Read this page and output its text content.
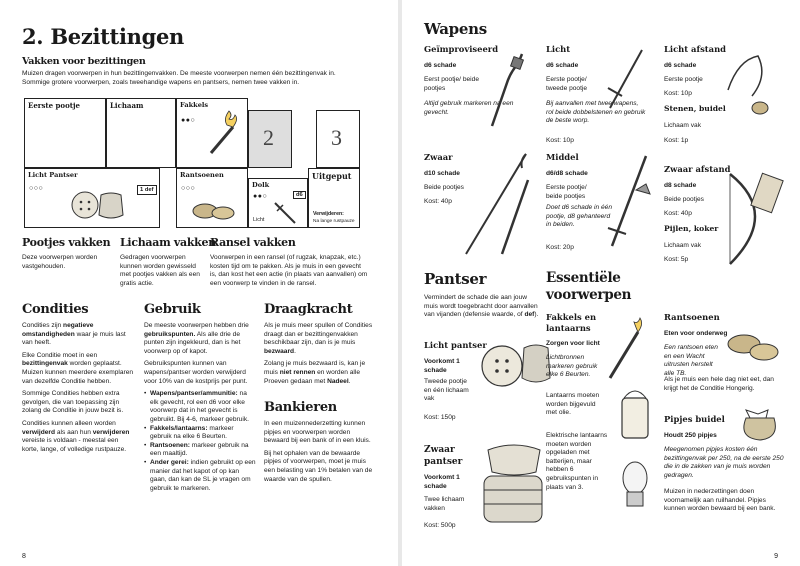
2. Bezittingen
Vakken voor bezittingen
Muizen dragen voorwerpen in hun bezittingenvakken. De meeste voorwerpen nemen één bezittingenvak in. Sommige grotere voorwerpen, zoals tweehandige wapens en pantsers, nemen twee vakken in.
Eerste pootje	Lichaam	Fakkels
●●○
2	3
Licht Pantser
○○○	1 def
Rantsoenen
○○○	Dolk
●●○	d6
Licht
Uitgeput
Verwijderen:
Na lange rustpauze
Pootjes vakken
Deze voorwerpen worden vastgehouden.
Lichaam vakken
Gedragen voorwerpen kunnen worden gewisseld met pootjes vakken als een gratis actie.
Ransel vakken
Voorwerpen in een ransel (of rugzak, knapzak, etc.) kosten tijd om te pakken. Als je muis in een gevecht is, dan kost het een actie (in plaats van aanvallen) om een voorwerp te vinden in de ransel.
Condities

Condities zijn negatieve omstandigheden waar je muis last van heeft.

Elke Conditie moet in een bezittingenvak worden geplaatst. Muizen kunnen meerdere exemplaren van dezelfde Conditie hebben.

Sommige Condities hebben extra gevolgen, die van toepassing zijn zolang de Conditie in jouw bezit is.

Condities kunnen alleen worden verwijderd als aan hun verwijderen vereiste is voldaan - meestal een korte, lange, of volledige rustpauze.

Gebruik

De meeste voorwerpen hebben drie gebruikspunten. Als alle drie de punten zijn ingekleurd, dan is het voorwerp op of kapot.

Gebruikspunten kunnen van wapens/pantser worden verwijderd voor 10% van de kostprijs per punt.

• Wapens/pantser/ammunitie: na elk gevecht, rol een d6 voor elke voorwerp dat in het gevecht is gebruikt. Bij 4-6, markeer gebruik.
• Fakkels/lantaarns: markeer gebruik na elke 6 Beurten.
• Rantsoenen: markeer gebruik na een maaltijd.
• Ander gerei: indien gebruikt op een manier dat het kapot of op kan gaan, dan kan de SL je vragen om gebruik te markeren.
Draagkracht

Als je muis meer spullen of Condities draagt dan er bezittingenvakken beschikbaar zijn, dan is je muis bezwaard.

Zolang je muis bezwaard is, kan je muis niet rennen en worden alle Proeven gedaan met Nadeel.

Bankieren

In een muizennederzetting kunnen pipjes en voorwerpen worden bewaard bij een bank of in een kluis.

Bij het ophalen van de bewaarde pipjes of voorwerpen, moet je muis een belasting van 1% betalen van de waarde van de spullen.

8
Wapens
Geïmproviseerd
d6 schade
Eerst pootje/ beide pootjes
Altijd gebruik markeren na een gevecht.
Licht
d6 schade
Eerste pootje/ tweede pootje
Bij aanvallen met twee wapens, rol beide dobbelstenen en gebruik de beste worp.
Kost: 10p
Licht afstand
d6 schade
Eerste pootje
Kost: 10p
Stenen, buidel
Lichaam vak
Kost: 1p
Zwaar
d10 schade
Beide pootjes
Kost: 40p
Middel
d6/d8 schade
Eerste pootje/ beide pootjes
Doet d6 schade in één pootje, d8 gehanteerd in beiden.
Kost: 20p
Zwaar afstand
d8 schade
Beide pootjes
Kost: 40p
Pijlen, koker
Lichaam vak
Kost: 5p
Pantser
Vermindert de schade die aan jouw muis wordt toegebracht door aanvallen van vijanden (defensie waarde, of def).
Licht pantser
Voorkomt 1 schade
Tweede pootje en één lichaam vak
Kost: 150p
Zwaar pantser
Voorkomt 1 schade
Twee lichaam vakken
Kost: 500p
Essentiële voorwerpen
Fakkels en lantaarns
Zorgen voor licht
Lichtbronnen markeren gebruik elke 6 Beurten.
Lantaarns moeten worden bijgevuld met olie.
Elektrische lantaarns moeten worden opgeladen met batterijen, maar hebben 6 gebruikspunten in plaats van 3.
Rantsoenen
Eten voor onderweg
Een rantsoen eten en een Wacht uitrusten herstelt alle TB.
Als je muis een hele dag niet eet, dan krijgt het de Conditie Hongerig.
Pipjes buidel
Houdt 250 pipjes
Meegenomen pipjes kosten één bezittingenvak per 250, na de eerste 250 die in de zakken van je muis worden gedragen.
Muizen in nederzettingen doen voornamelijk aan ruilhandel. Pipjes kunnen worden bewaard bij een bank.
9
